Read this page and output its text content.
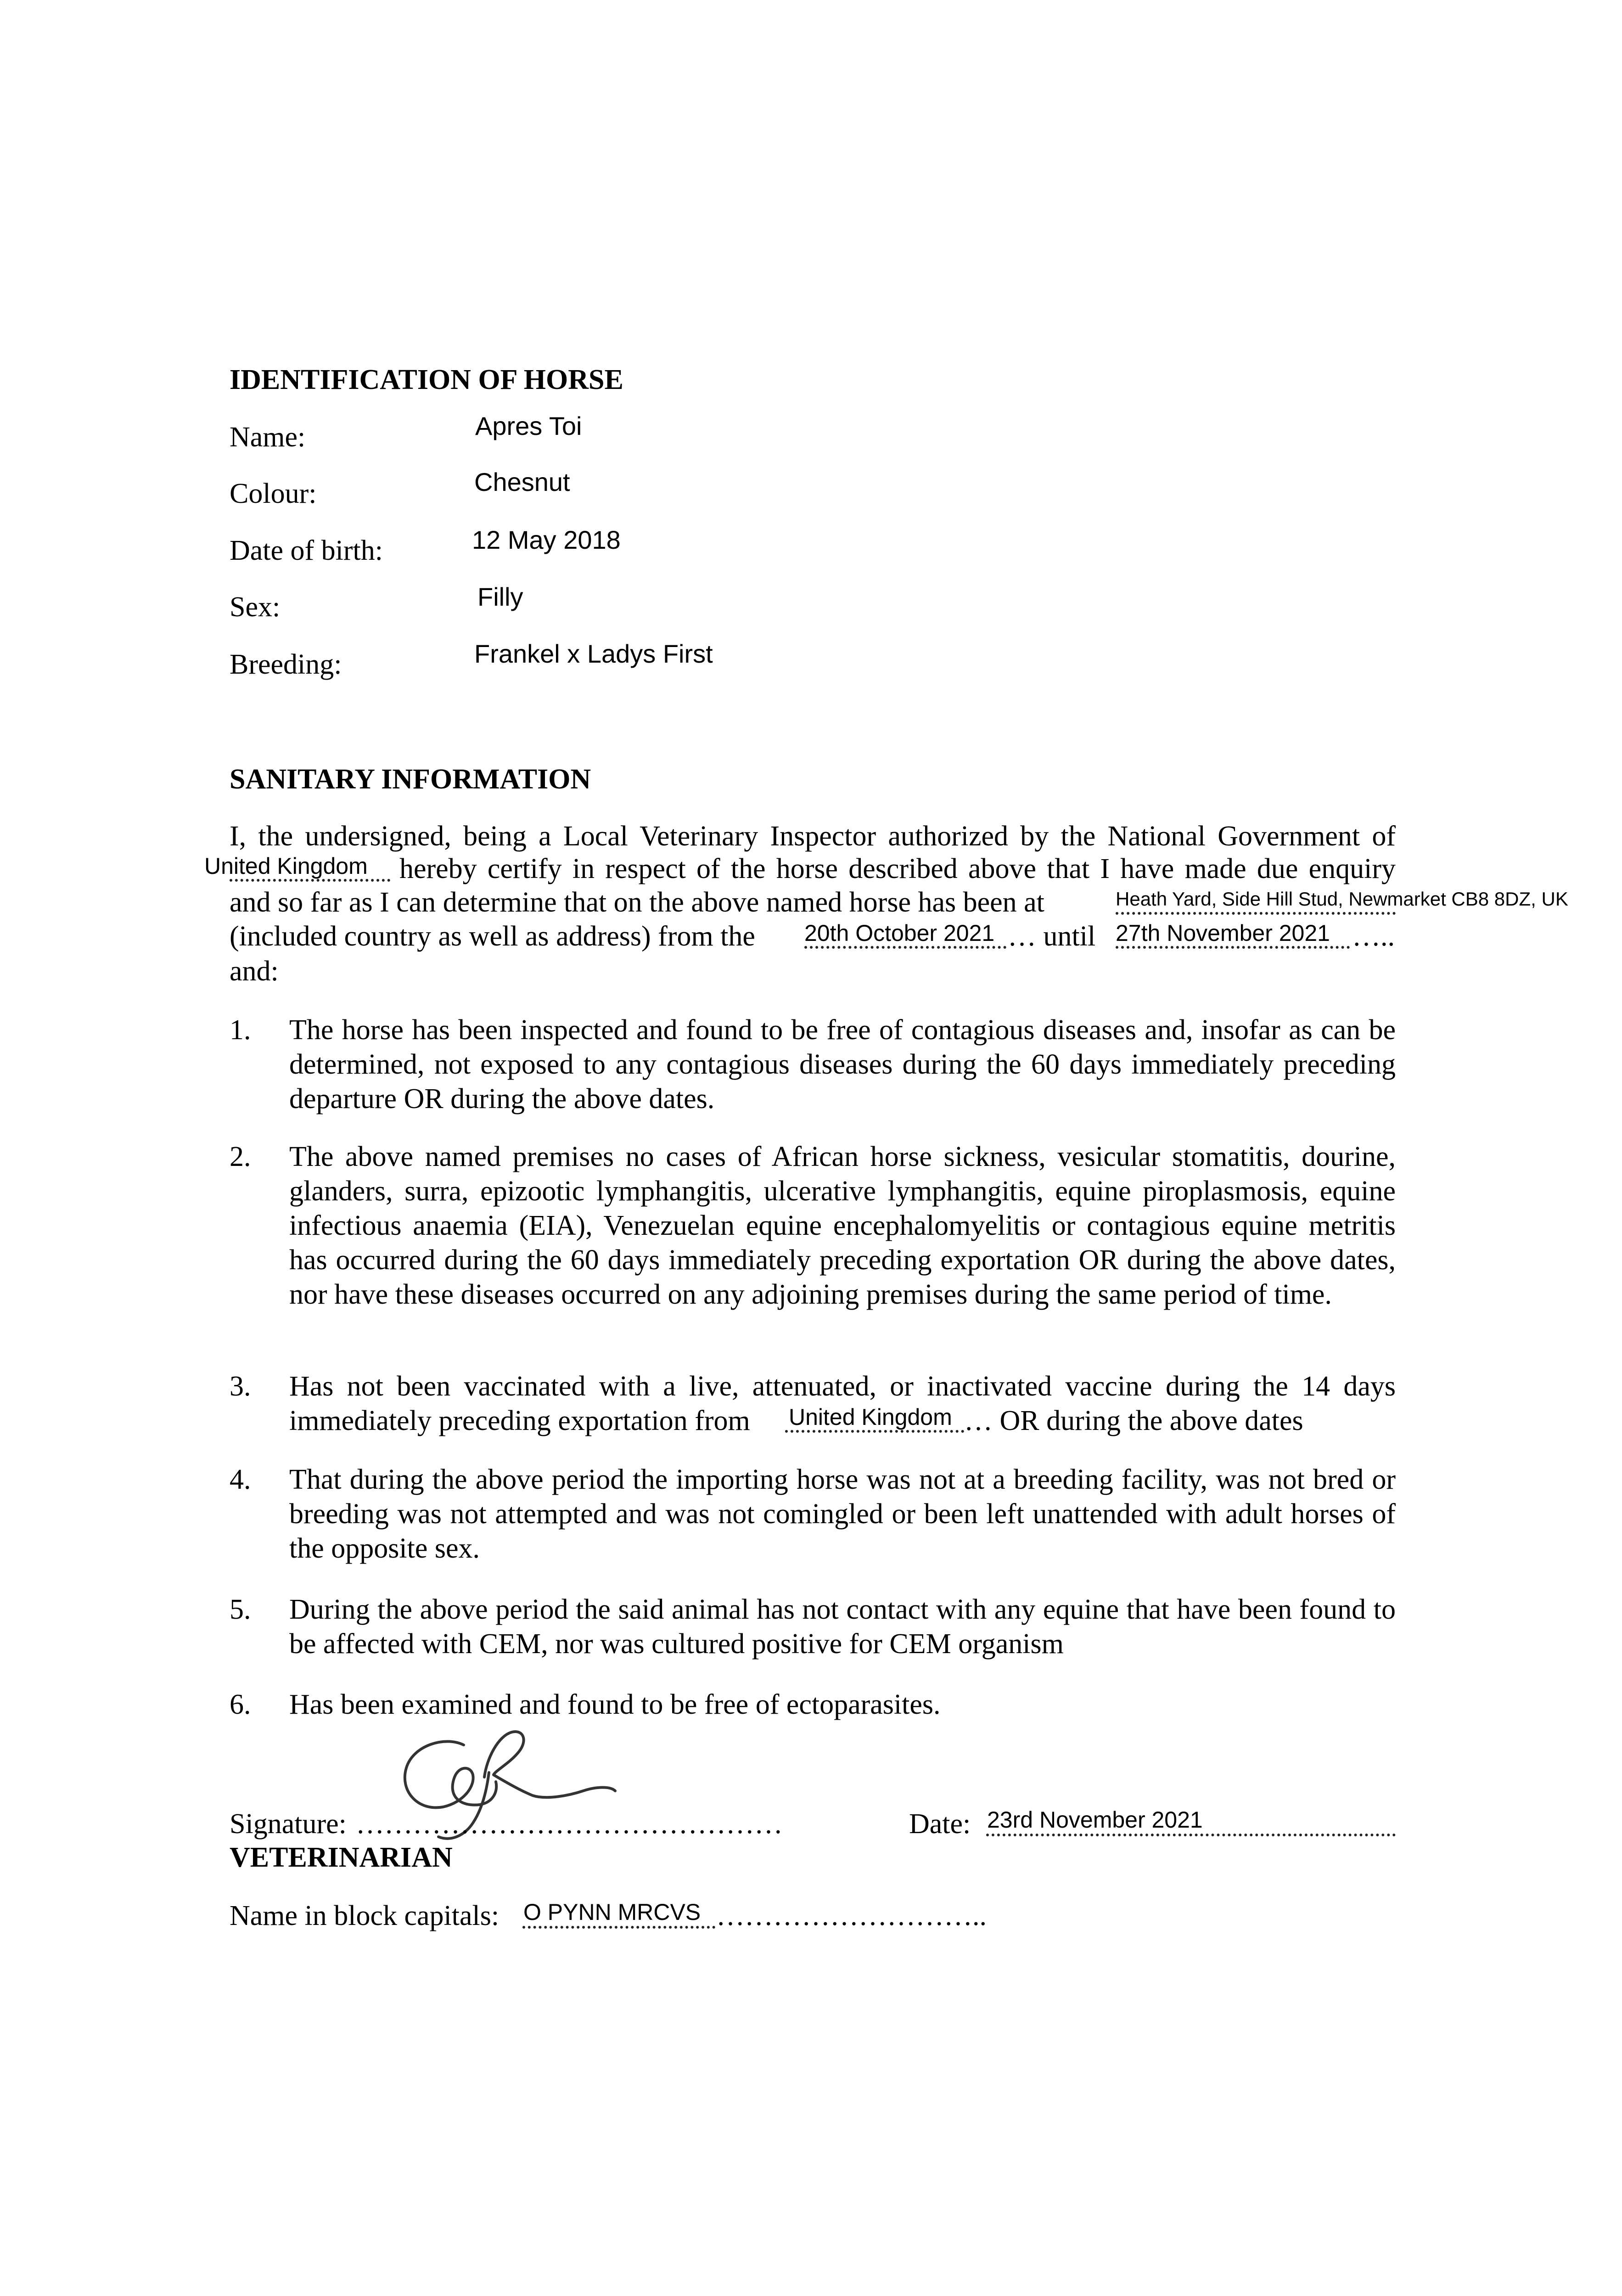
IDENTIFICATION OF HORSE
Name:	Apres Toi
Colour:	Chesnut
Date of birth:	12 May 2018
Sex:	Filly
Breeding:	Frankel x Ladys First
SANITARY INFORMATION
I, the undersigned, being a Local Veterinary Inspector authorized by the National Government of
United Kingdom hereby certify in respect of the horse described above that I have made due enquiry
and so far as I can determine that on the above named horse has been at	Heath Yard, Side Hill Stud, Newmarket CB8 8DZ, UK
(included country as well as address) from the 20th October 2021 … until 27th November 2021 …..
and:
1.	The horse has been inspected and found to be free of contagious diseases and, insofar as can be determined, not exposed to any contagious diseases during the 60 days immediately preceding departure OR during the above dates.
2.	The above named premises no cases of African horse sickness, vesicular stomatitis, dourine, glanders, surra, epizootic lymphangitis, ulcerative lymphangitis, equine piroplasmosis, equine infectious anaemia (EIA), Venezuelan equine encephalomyelitis or contagious equine metritis has occurred during the 60 days immediately preceding exportation OR during the above dates, nor have these diseases occurred on any adjoining premises during the same period of time.
3.	Has not been vaccinated with a live, attenuated, or inactivated vaccine during the 14 days
immediately preceding exportation from United Kingdom … OR during the above dates
4.	That during the above period the importing horse was not at a breeding facility, was not bred or breeding was not attempted and was not comingled or been left unattended with adult horses of the opposite sex.
5.	During the above period the said animal has not contact with any equine that have been found to be affected with CEM, nor was cultured positive for CEM organism
6.	Has been examined and found to be free of ectoparasites.
Signature: ………………………………………	Date: 23rd November 2021
VETERINARIAN
Name in block capitals: O PYNN MRCVS ………………………..
